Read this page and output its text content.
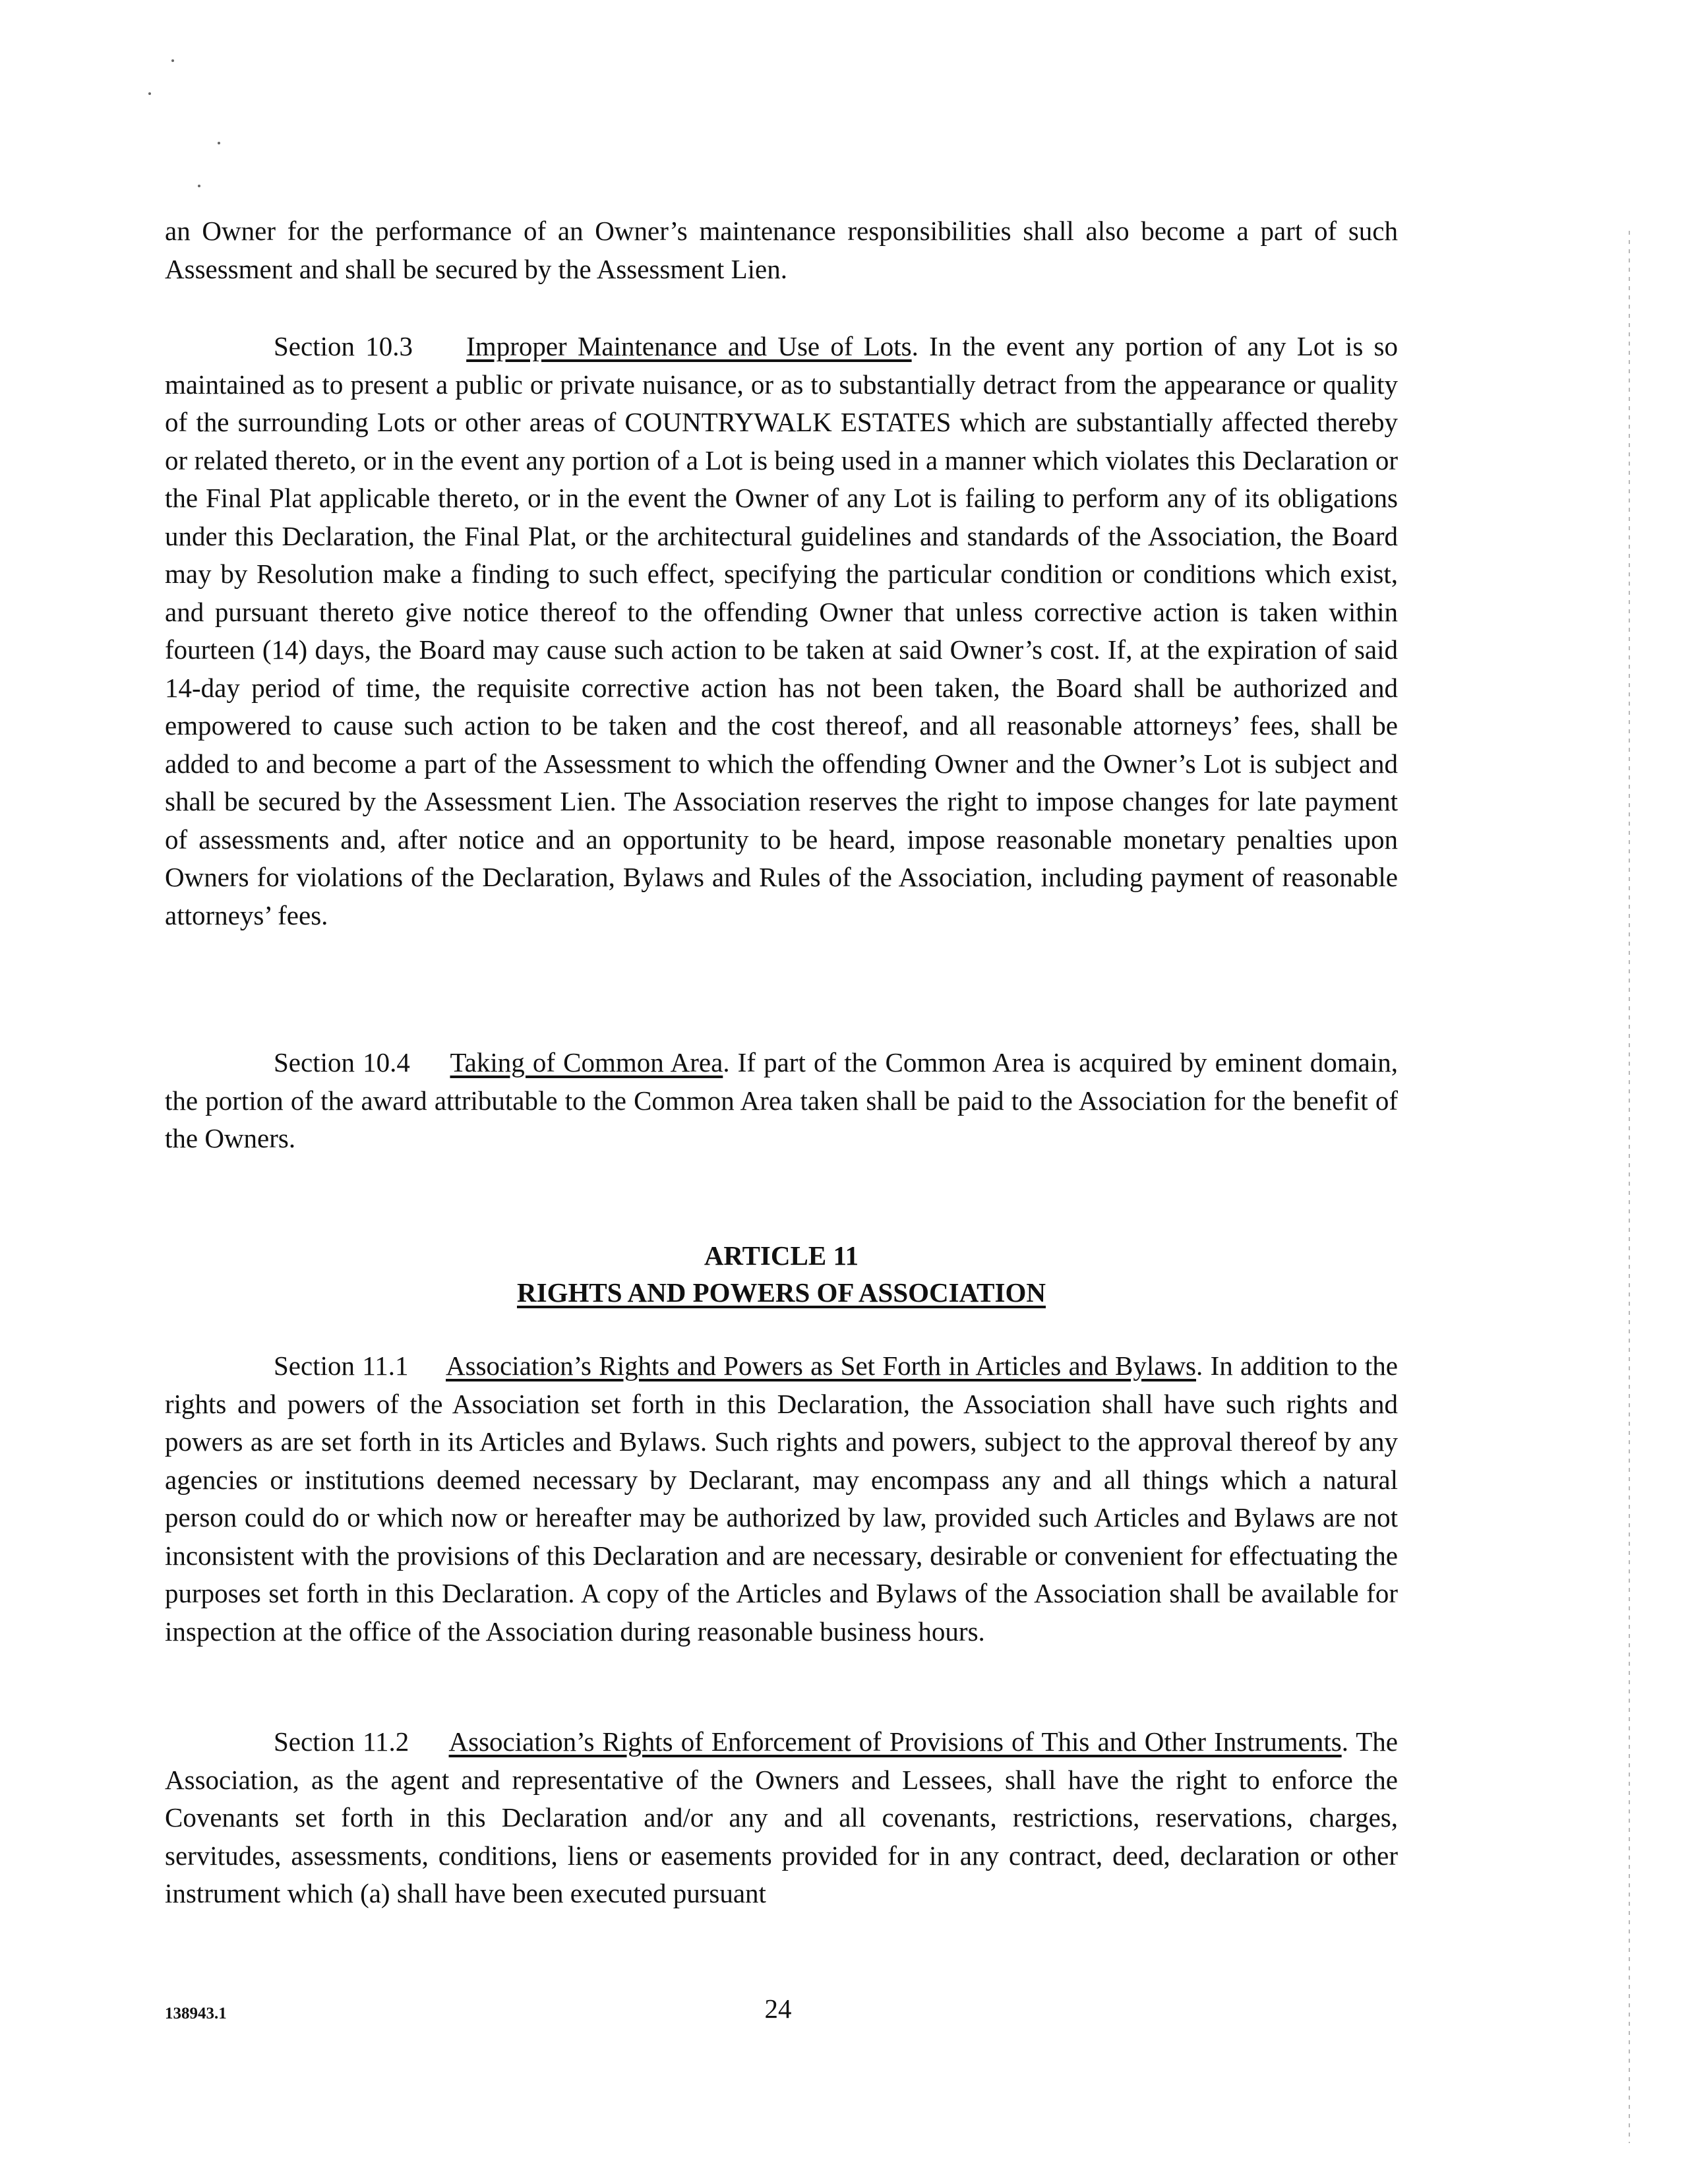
an Owner for the performance of an Owner’s maintenance responsibilities shall also become a part of such Assessment and shall be secured by the Assessment Lien.

Section 10.3 Improper Maintenance and Use of Lots. In the event any portion of any Lot is so maintained as to present a public or private nuisance, or as to substantially detract from the appearance or quality of the surrounding Lots or other areas of COUNTRYWALK ESTATES which are substantially affected thereby or related thereto, or in the event any portion of a Lot is being used in a manner which violates this Declaration or the Final Plat applicable thereto, or in the event the Owner of any Lot is failing to perform any of its obligations under this Declaration, the Final Plat, or the architectural guidelines and standards of the Association, the Board may by Resolution make a finding to such effect, specifying the particular condition or conditions which exist, and pursuant thereto give notice thereof to the offending Owner that unless corrective action is taken within fourteen (14) days, the Board may cause such action to be taken at said Owner’s cost. If, at the expiration of said 14-day period of time, the requisite corrective action has not been taken, the Board shall be authorized and empowered to cause such action to be taken and the cost thereof, and all reasonable attorneys’ fees, shall be added to and become a part of the Assessment to which the offending Owner and the Owner’s Lot is subject and shall be secured by the Assessment Lien. The Association reserves the right to impose changes for late payment of assessments and, after notice and an opportunity to be heard, impose reasonable monetary penalties upon Owners for violations of the Declaration, Bylaws and Rules of the Association, including payment of reasonable attorneys’ fees.

Section 10.4 Taking of Common Area. If part of the Common Area is acquired by eminent domain, the portion of the award attributable to the Common Area taken shall be paid to the Association for the benefit of the Owners.

ARTICLE 11

RIGHTS AND POWERS OF ASSOCIATION

Section 11.1 Association’s Rights and Powers as Set Forth in Articles and Bylaws. In addition to the rights and powers of the Association set forth in this Declaration, the Association shall have such rights and powers as are set forth in its Articles and Bylaws. Such rights and powers, subject to the approval thereof by any agencies or institutions deemed necessary by Declarant, may encompass any and all things which a natural person could do or which now or hereafter may be authorized by law, provided such Articles and Bylaws are not inconsistent with the provisions of this Declaration and are necessary, desirable or convenient for effectuating the purposes set forth in this Declaration. A copy of the Articles and Bylaws of the Association shall be available for inspection at the office of the Association during reasonable business hours.

Section 11.2 Association’s Rights of Enforcement of Provisions of This and Other Instruments. The Association, as the agent and representative of the Owners and Lessees, shall have the right to enforce the Covenants set forth in this Declaration and/or any and all covenants, restrictions, reservations, charges, servitudes, assessments, conditions, liens or easements provided for in any contract, deed, declaration or other instrument which (a) shall have been executed pursuant

138943.1	24
